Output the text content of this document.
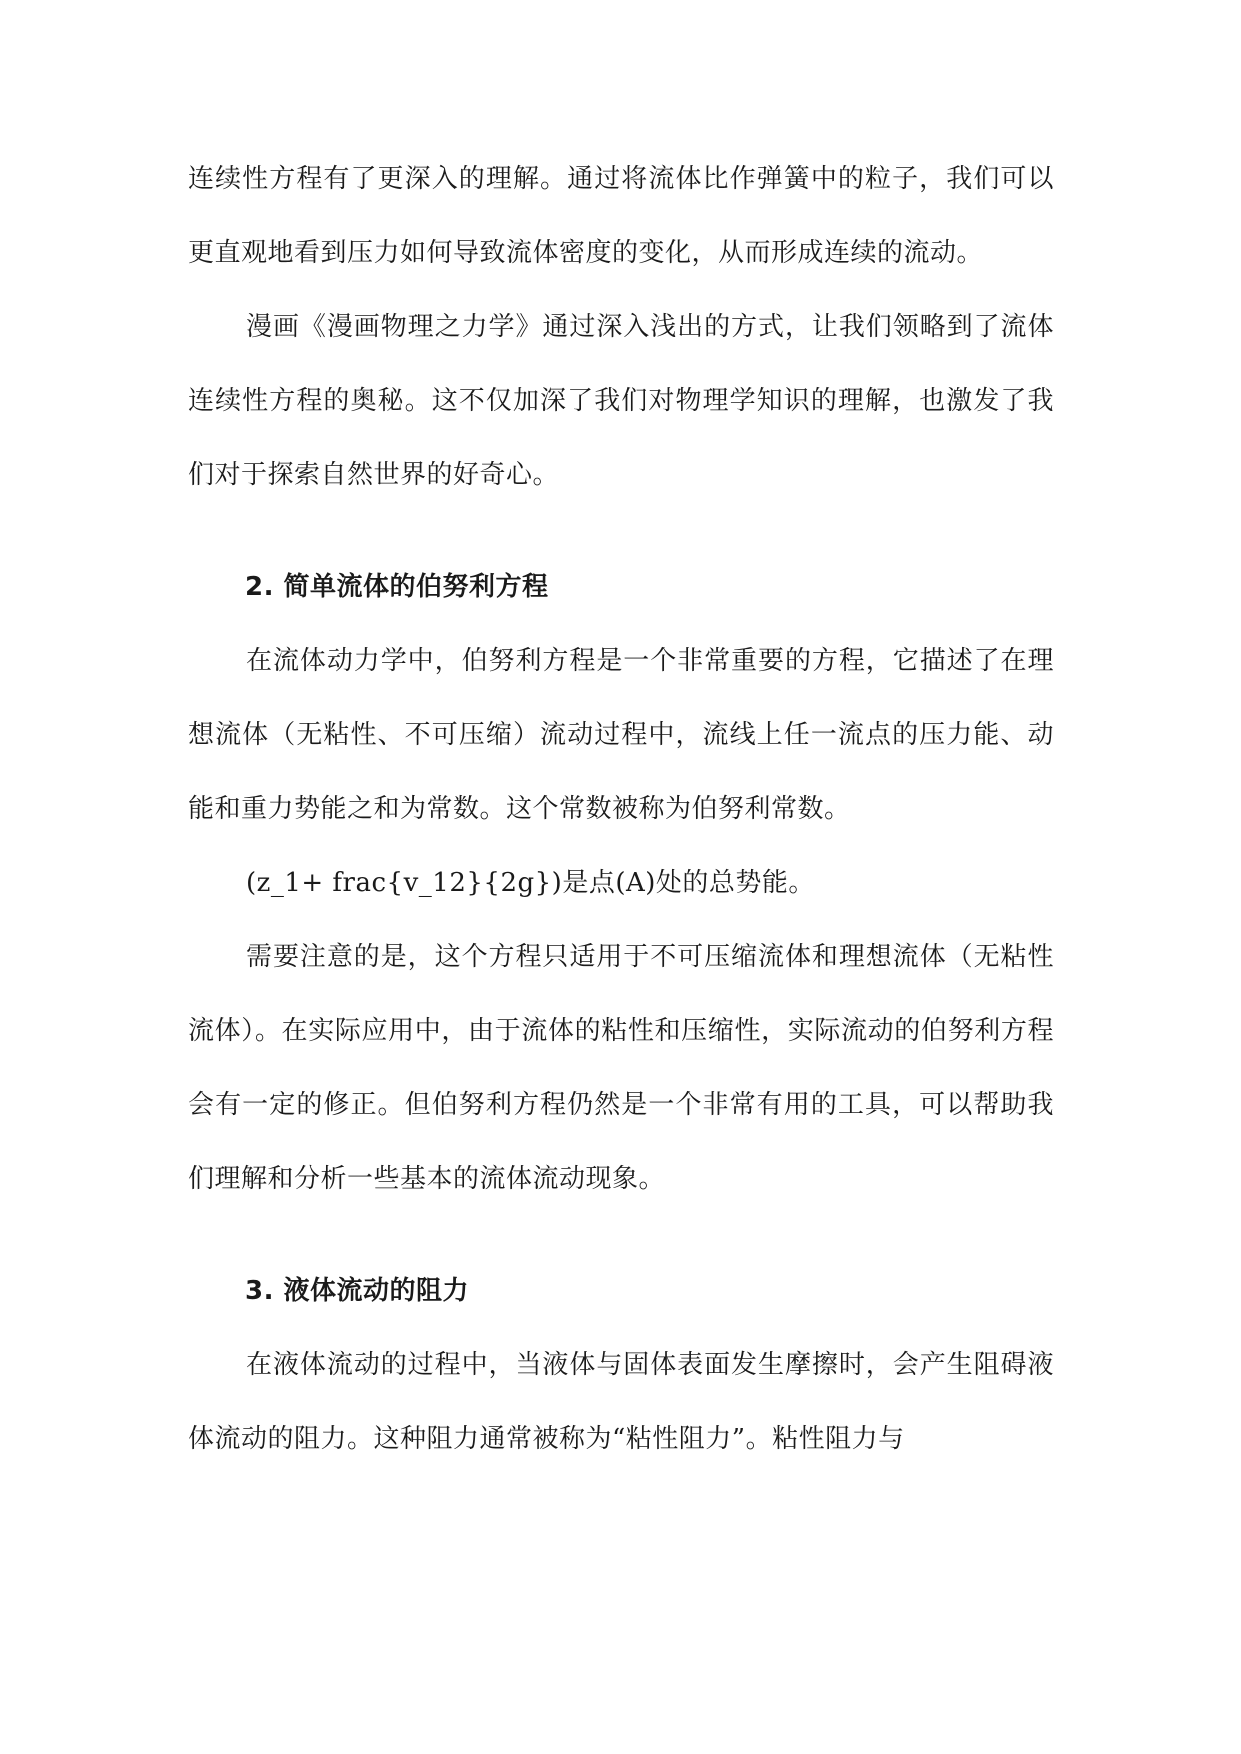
连续性方程有了更深入的理解。通过将流体比作弹簧中的粒子，我们可以更直观地看到压力如何导致流体密度的变化，从而形成连续的流动。

漫画《漫画物理之力学》通过深入浅出的方式，让我们领略到了流体连续性方程的奥秘。这不仅加深了我们对物理学知识的理解，也激发了我们对于探索自然世界的好奇心。

2. 简单流体的伯努利方程

在流体动力学中，伯努利方程是一个非常重要的方程，它描述了在理想流体（无粘性、不可压缩）流动过程中，流线上任一流点的压力能、动能和重力势能之和为常数。这个常数被称为伯努利常数。

(z_1+ frac{v_12}{2g})是点(A)处的总势能。

需要注意的是，这个方程只适用于不可压缩流体和理想流体（无粘性流体）。在实际应用中，由于流体的粘性和压缩性，实际流动的伯努利方程会有一定的修正。但伯努利方程仍然是一个非常有用的工具，可以帮助我们理解和分析一些基本的流体流动现象。

3. 液体流动的阻力

在液体流动的过程中，当液体与固体表面发生摩擦时，会产生阻碍液体流动的阻力。这种阻力通常被称为“粘性阻力”。粘性阻力与
